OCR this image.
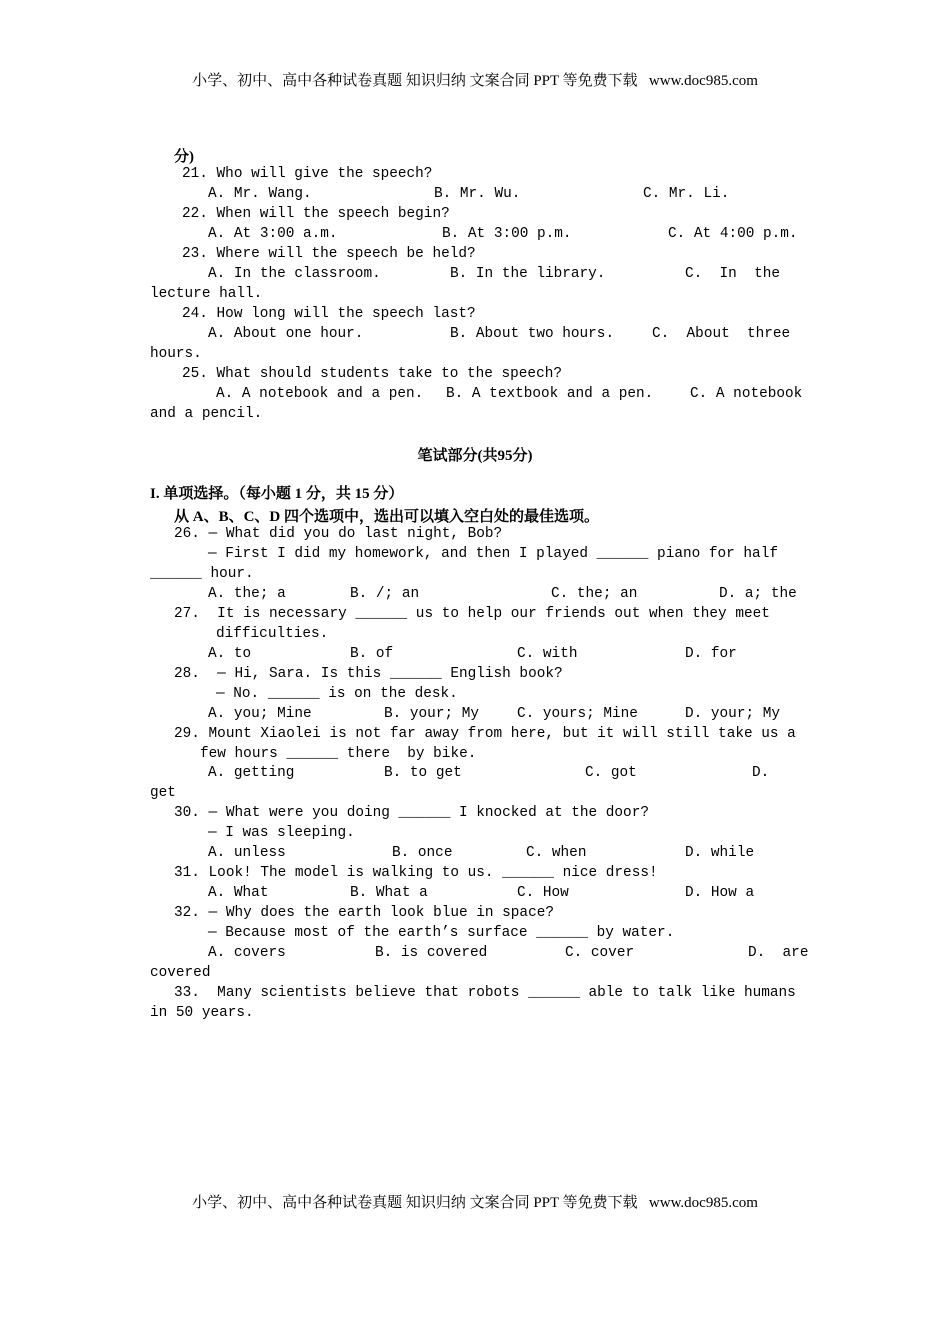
小学、初中、高中各种试卷真题 知识归纳 文案合同 PPT 等免费下载   www.doc985.com
分)
21. Who will give the speech?
A. Mr. Wang.	B. Mr. Wu.	C. Mr. Li.
22. When will the speech begin?
A. At 3:00 a.m.	B. At 3:00 p.m.	C. At 4:00 p.m.
23. Where will the speech be held?
A. In the classroom.	B. In the library.	C.  In  the
lecture hall.
24. How long will the speech last?
A. About one hour.	B. About two hours.	C.  About  three
hours.
25. What should students take to the speech?
A. A notebook and a pen. B. A textbook and a pen.	C. A notebook
and a pencil.
笔试部分(共95分)
I. 单项选择。（每小题 1 分，共 15 分）
从 A、B、C、D 四个选项中，选出可以填入空白处的最佳选项。
26. — What did you do last night, Bob?
— First I did my homework, and then I played ______ piano for half
______ hour.
A. the; a	B. /; an	C. the; an	D. a; the
27.  It is necessary ______ us to help our friends out when they meet
difficulties.
A. to	B. of	C. with	D. for
28.  — Hi, Sara. Is this ______ English book?
— No. ______ is on the desk.
A. you; Mine	B. your; My	C. yours; Mine	D. your; My
29. Mount Xiaolei is not far away from here, but it will still take us a
few hours ______ there  by bike.
A. getting	B. to get	C. got	D.
get
30. — What were you doing ______ I knocked at the door?
— I was sleeping.
A. unless	B. once	C. when	D. while
31. Look! The model is walking to us. ______ nice dress!
A. What	B. What a	C. How	D. How a
32. — Why does the earth look blue in space?
— Because most of the earth’s surface ______ by water.
A. covers	B. is covered	C. cover	D.  are
covered
33.  Many scientists believe that robots ______ able to talk like humans
in 50 years.
小学、初中、高中各种试卷真题 知识归纳 文案合同 PPT 等免费下载   www.doc985.com
